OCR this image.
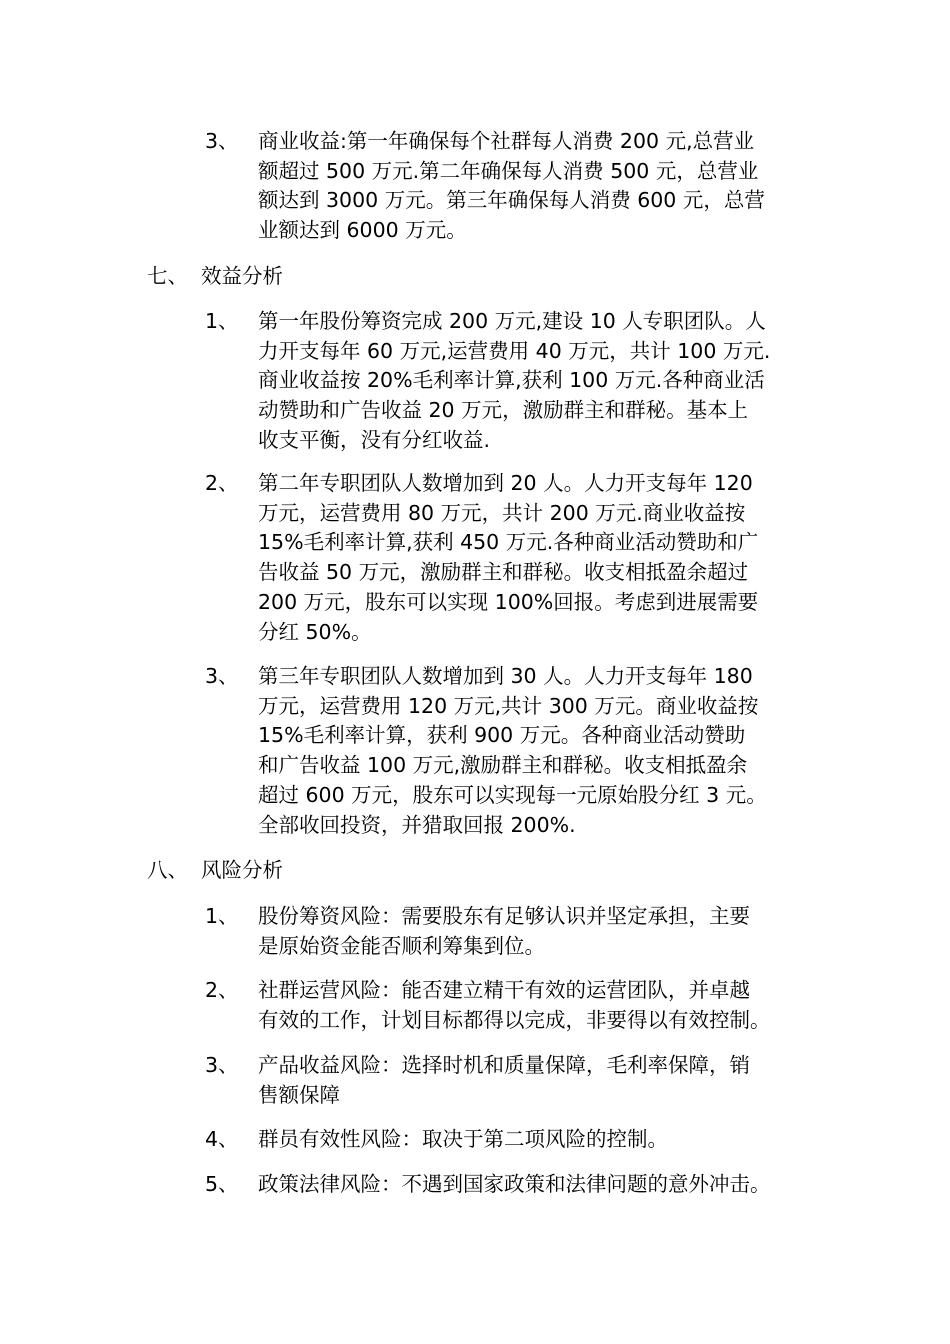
3、 商业收益:第一年确保每个社群每人消费 200 元,总营业
额超过 500 万元.第二年确保每人消费 500 元，总营业
额达到 3000 万元。第三年确保每人消费 600 元，总营
业额达到 6000 万元。
七、 效益分析
1、 第一年股份筹资完成 200 万元,建设 10 人专职团队。人
力开支每年 60 万元,运营费用 40 万元，共计 100 万元.
商业收益按 20%毛利率计算,获利 100 万元.各种商业活
动赞助和广告收益 20 万元，激励群主和群秘。基本上
收支平衡，没有分红收益.
2、 第二年专职团队人数增加到 20 人。人力开支每年 120
万元，运营费用 80 万元，共计 200 万元.商业收益按
15%毛利率计算,获利 450 万元.各种商业活动赞助和广
告收益 50 万元，激励群主和群秘。收支相抵盈余超过
200 万元，股东可以实现 100%回报。考虑到进展需要
分红 50%。
3、 第三年专职团队人数增加到 30 人。人力开支每年 180
万元，运营费用 120 万元,共计 300 万元。商业收益按
15%毛利率计算，获利 900 万元。各种商业活动赞助
和广告收益 100 万元,激励群主和群秘。收支相抵盈余
超过 600 万元，股东可以实现每一元原始股分红 3 元。
全部收回投资，并猎取回报 200%.
八、 风险分析
1、 股份筹资风险：需要股东有足够认识并坚定承担，主要
是原始资金能否顺利筹集到位。
2、 社群运营风险：能否建立精干有效的运营团队，并卓越
有效的工作，计划目标都得以完成，非要得以有效控制。
3、 产品收益风险：选择时机和质量保障，毛利率保障，销
售额保障
4、 群员有效性风险：取决于第二项风险的控制。
5、 政策法律风险：不遇到国家政策和法律问题的意外冲击。
